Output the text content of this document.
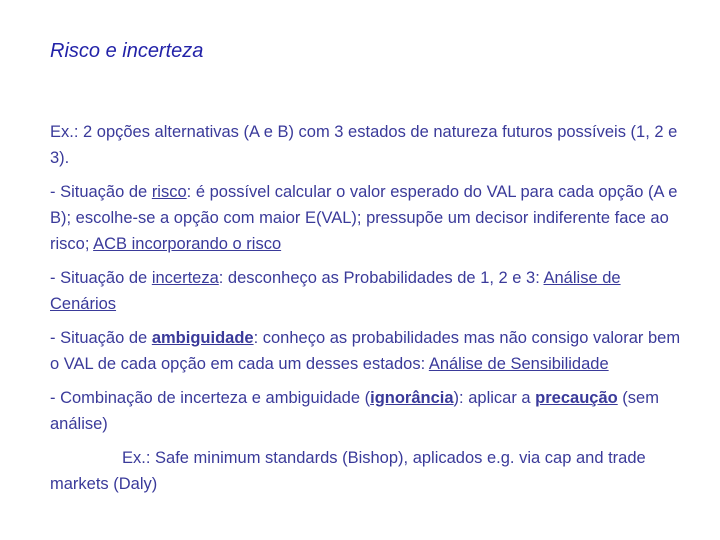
Risco e incerteza

Ex.: 2 opções alternativas (A e B) com 3 estados de natureza futuros possíveis (1, 2 e 3).

- Situação de risco: é possível calcular o valor esperado do VAL para cada opção (A e B); escolhe-se a opção com maior E(VAL); pressupõe um decisor indiferente face ao risco; ACB incorporando o risco

- Situação de incerteza: desconheço as Probabilidades de 1, 2 e 3: Análise de Cenários

- Situação de ambiguidade: conheço as probabilidades mas não consigo valorar bem o VAL de cada opção em cada um desses estados: Análise de Sensibilidade

- Combinação de incerteza e ambiguidade (ignorância): aplicar a precaução (sem análise)

Ex.: Safe minimum standards (Bishop), aplicados e.g. via cap and trade markets (Daly)
